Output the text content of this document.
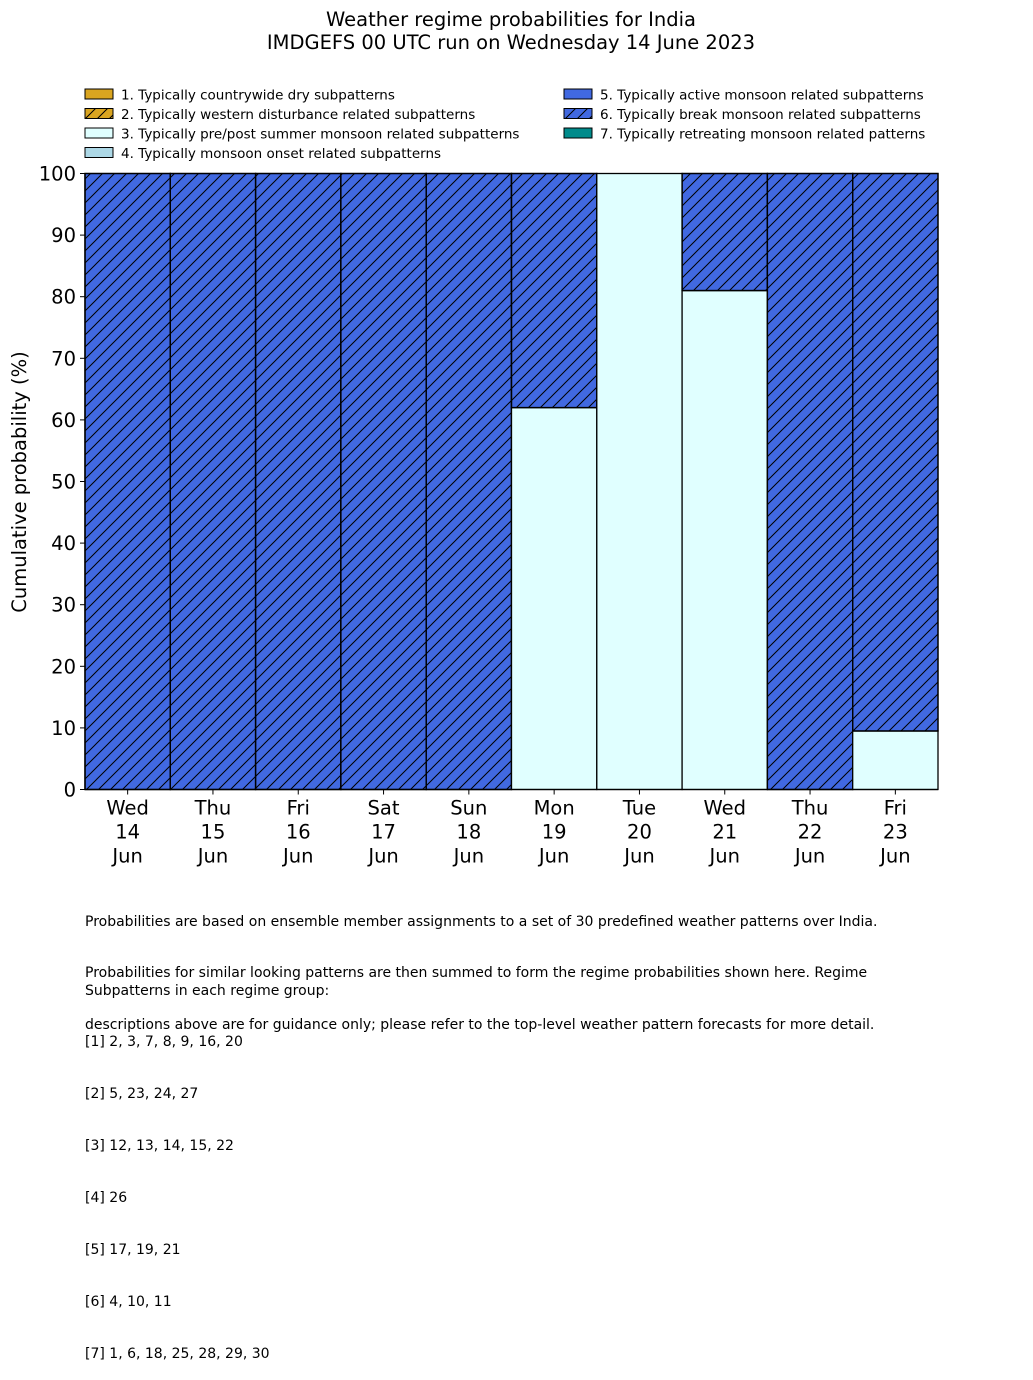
Weather regime probabilities for India
IMDGEFS 00 UTC run on Wednesday 14 June 2023
1. Typically countrywide dry subpatterns
2. Typically western disturbance related subpatterns
3. Typically pre/post summer monsoon related subpatterns
4. Typically monsoon onset related subpatterns
5. Typically active monsoon related subpatterns
6. Typically break monsoon related subpatterns
7. Typically retreating monsoon related patterns
0
10
20
30
40
50
60
70
80
90
100
Wed 14 Jun
Thu 15 Jun
Fri 16 Jun
Sat 17 Jun
Sun 18 Jun
Mon 19 Jun
Tue 20 Jun
Wed 21 Jun
Thu 22 Jun
Fri 23 Jun
Cumulative probability (%)

Probabilities are based on ensemble member assignments to a set of 30 predefined weather patterns over India.

Probabilities for similar looking patterns are then summed to form the regime probabilities shown here. Regime

descriptions above are for guidance only; please refer to the top-level weather pattern forecasts for more detail.

Subpatterns in each regime group:

[1] 2, 3, 7, 8, 9, 16, 20

[2] 5, 23, 24, 27

[3] 12, 13, 14, 15, 22

[4] 26

[5] 17, 19, 21

[6] 4, 10, 11

[7] 1, 6, 18, 25, 28, 29, 30
